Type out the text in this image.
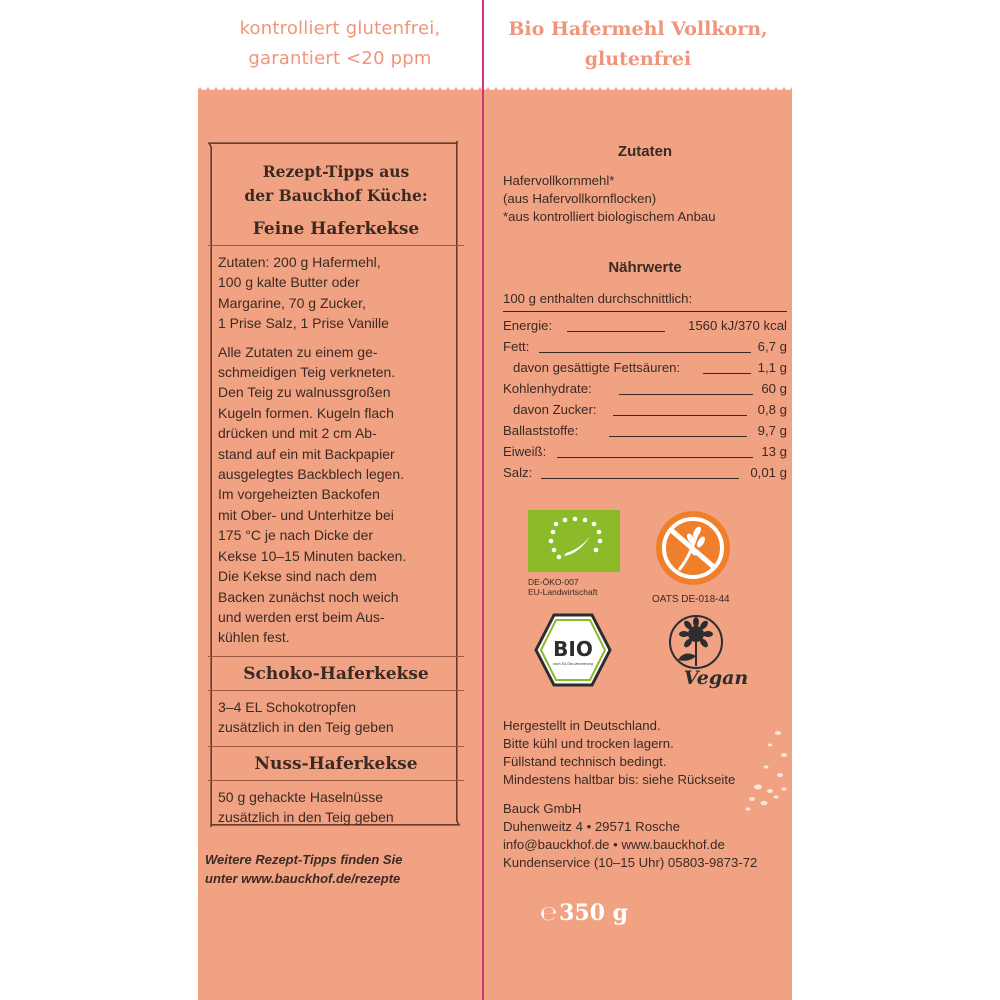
kontrolliert glutenfrei,
garantiert <20 ppm
Bio Hafermehl Vollkorn,
glutenfrei
Rezept-Tipps aus
der Bauckhof Küche:
Feine Haferkekse

Zutaten: 200 g Hafermehl,
100 g kalte Butter oder
Margarine, 70 g Zucker,
1 Prise Salz, 1 Prise Vanille

Alle Zutaten zu einem ge-
schmeidigen Teig verkneten.
Den Teig zu walnussgroßen
Kugeln formen. Kugeln flach
drücken und mit 2 cm Ab-
stand auf ein mit Backpapier
ausgelegtes Backblech legen.
Im vorgeheizten Backofen
mit Ober- und Unterhitze bei
175 °C je nach Dicke der
Kekse 10–15 Minuten backen.
Die Kekse sind nach dem
Backen zunächst noch weich
und werden erst beim Aus-
kühlen fest.

Schoko-Haferkekse

3–4 EL Schokotropfen
zusätzlich in den Teig geben

Nuss-Haferkekse

50 g gehackte Haselnüsse
zusätzlich in den Teig geben

Weitere Rezept-Tipps finden Sie
unter www.bauckhof.de/rezepte
Zutaten
Hafervollkornmehl*
(aus Hafervollkornflocken)
*aus kontrolliert biologischem Anbau
Nährwerte
100 g enthalten durchschnittlich:
Energie:	1560 kJ/370 kcal
Fett:	6,7 g
davon gesättigte Fettsäuren:	1,1 g
Kohlenhydrate:	60 g
davon Zucker:	0,8 g
Ballaststoffe:	9,7 g
Eiweiß:	13 g
Salz:	0,01 g
DE-ÖKO-007
EU-Landwirtschaft
OATS DE-018-44
BIO
nach EG-Öko-Verordnung
Vegan
Hergestellt in Deutschland.
Bitte kühl und trocken lagern.
Füllstand technisch bedingt.
Mindestens haltbar bis: siehe Rückseite
Bauck GmbH
Duhenweitz 4 • 29571 Rosche
info@bauckhof.de • www.bauckhof.de
Kundenservice (10–15 Uhr) 05803-9873-72
℮350 g
